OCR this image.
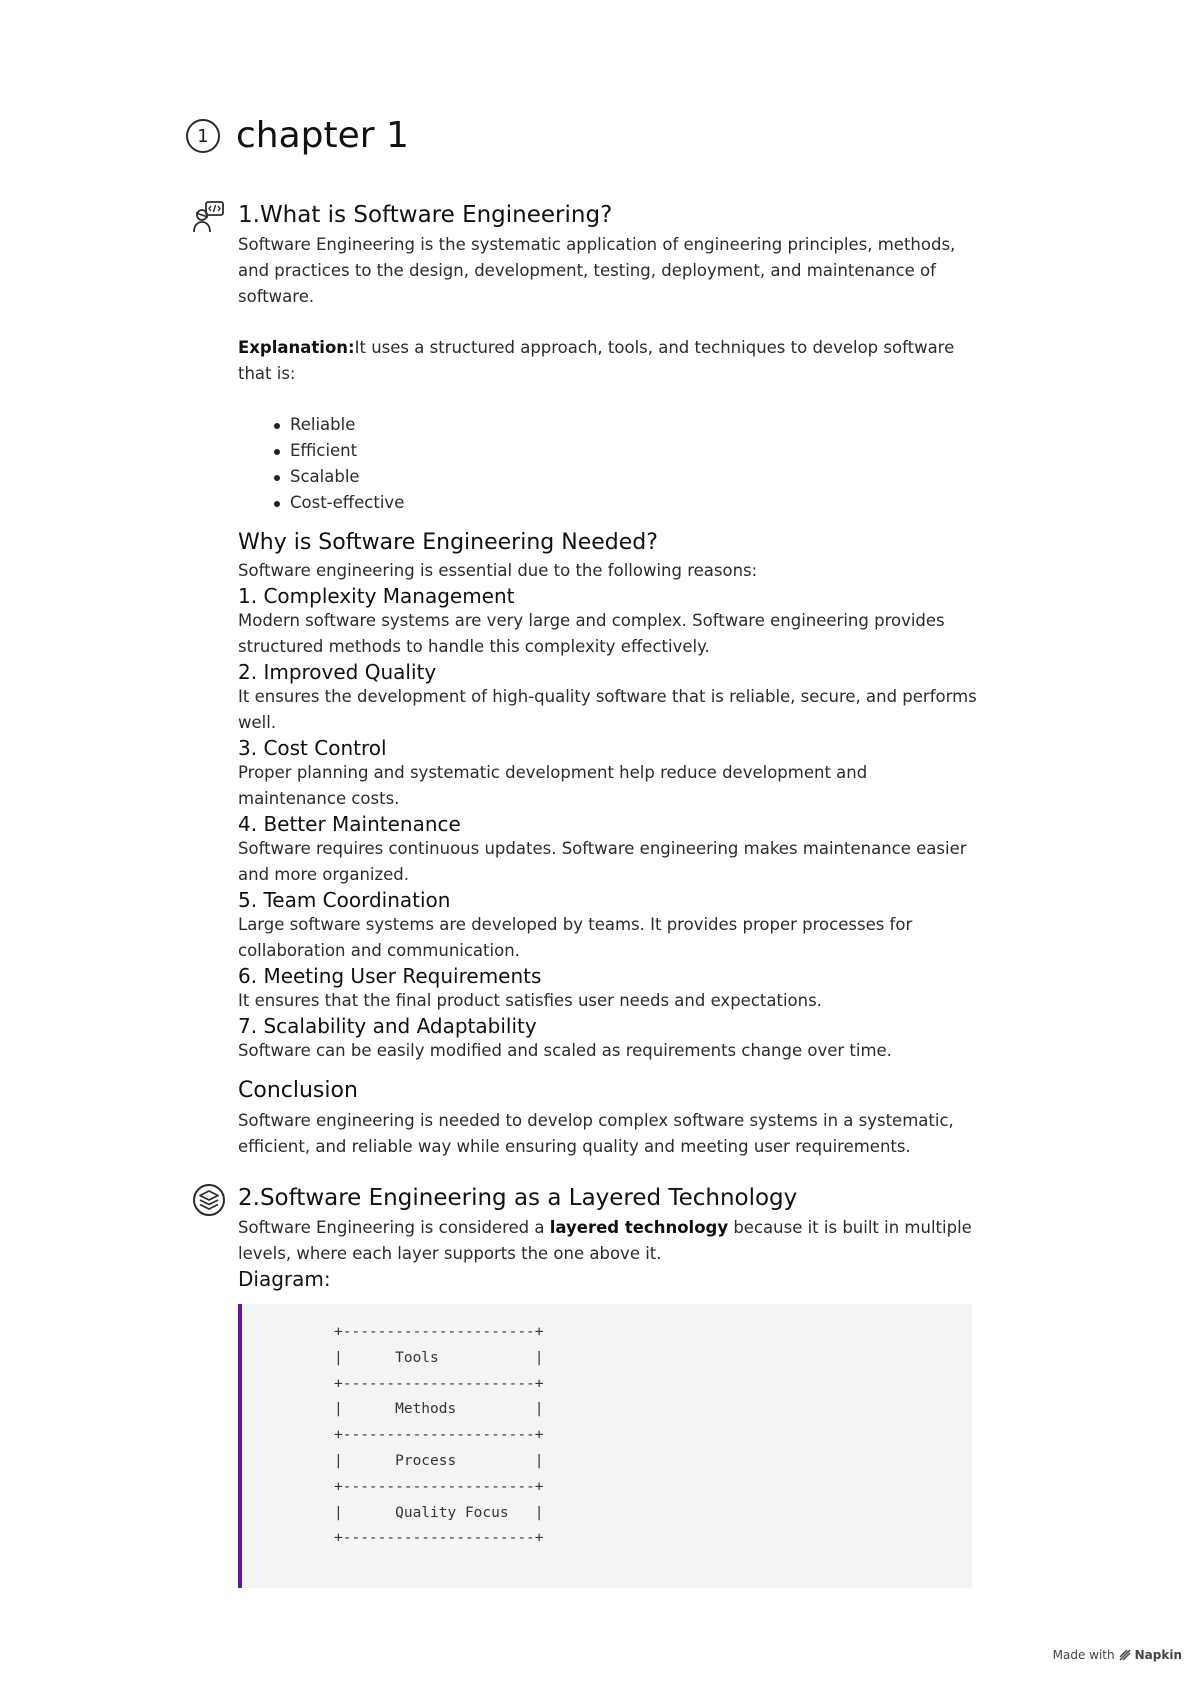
1 chapter 1
1.What is Software Engineering?

Software Engineering is the systematic application of engineering principles, methods, and practices to the design, development, testing, deployment, and maintenance of software.

Explanation:It uses a structured approach, tools, and techniques to develop software that is:

Reliable
Efficient
Scalable
Cost-effective
Why is Software Engineering Needed?

Software engineering is essential due to the following reasons:

1. Complexity Management

Modern software systems are very large and complex. Software engineering provides structured methods to handle this complexity effectively.

2. Improved Quality

It ensures the development of high-quality software that is reliable, secure, and performs well.

3. Cost Control

Proper planning and systematic development help reduce development and maintenance costs.

4. Better Maintenance

Software requires continuous updates. Software engineering makes maintenance easier and more organized.

5. Team Coordination

Large software systems are developed by teams. It provides proper processes for collaboration and communication.

6. Meeting User Requirements

It ensures that the final product satisfies user needs and expectations.

7. Scalability and Adaptability

Software can be easily modified and scaled as requirements change over time.

Conclusion

Software engineering is needed to develop complex software systems in a systematic, efficient, and reliable way while ensuring quality and meeting user requirements.

2.Software Engineering as a Layered Technology

Software Engineering is considered a layered technology because it is built in multiple levels, where each layer supports the one above it.

Diagram:
+----------------------+
|      Tools           |
+----------------------+
|      Methods         |
+----------------------+
|      Process         |
+----------------------+
|      Quality Focus   |
+----------------------+
Made with Napkin
